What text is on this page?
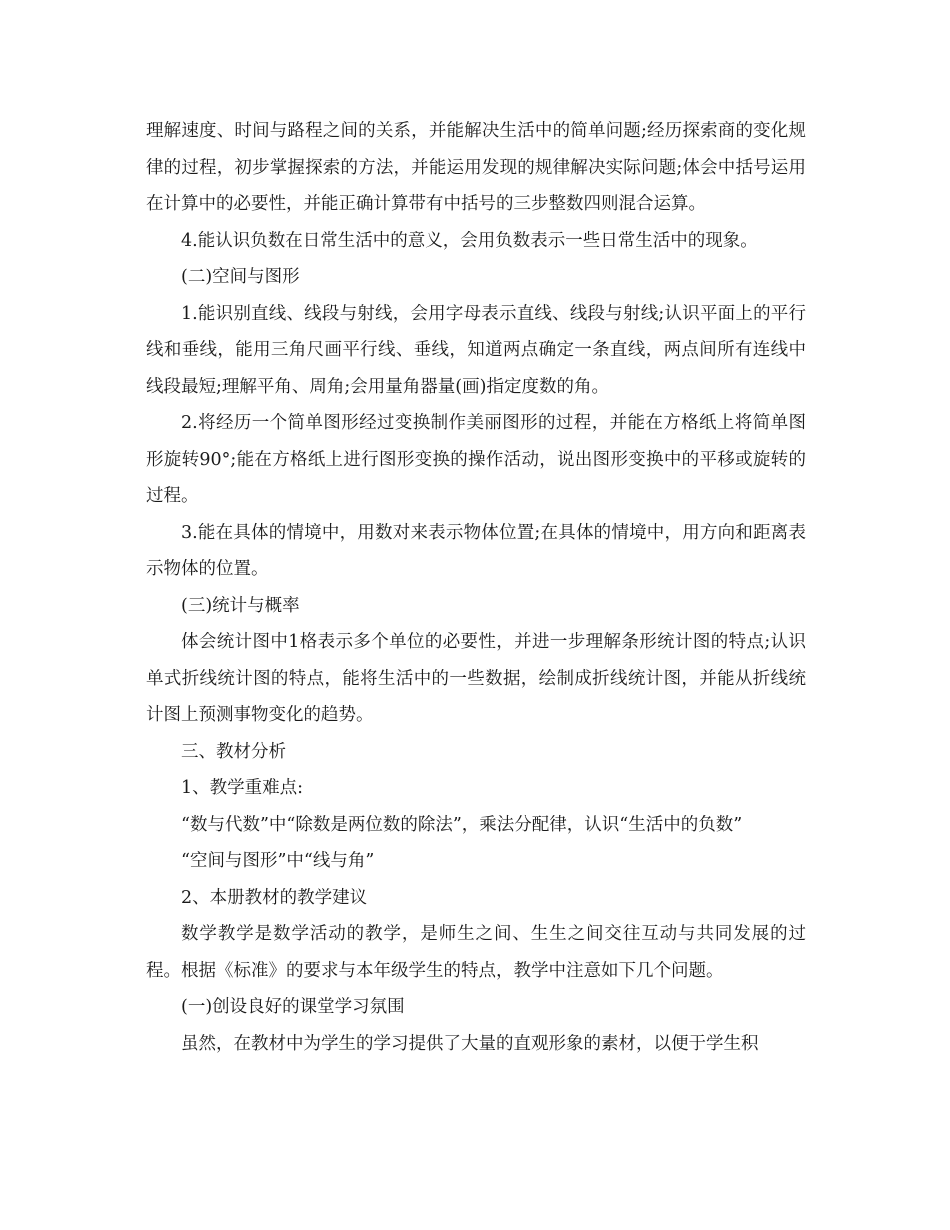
理解速度、时间与路程之间的关系，并能解决生活中的简单问题;经历探索商的变化规律的过程，初步掌握探索的方法，并能运用发现的规律解决实际问题;体会中括号运用在计算中的必要性，并能正确计算带有中括号的三步整数四则混合运算。

4.能认识负数在日常生活中的意义，会用负数表示一些日常生活中的现象。

(二)空间与图形

1.能识别直线、线段与射线，会用字母表示直线、线段与射线;认识平面上的平行线和垂线，能用三角尺画平行线、垂线，知道两点确定一条直线，两点间所有连线中线段最短;理解平角、周角;会用量角器量(画)指定度数的角。

2.将经历一个简单图形经过变换制作美丽图形的过程，并能在方格纸上将简单图形旋转90°;能在方格纸上进行图形变换的操作活动，说出图形变换中的平移或旋转的过程。

3.能在具体的情境中，用数对来表示物体位置;在具体的情境中，用方向和距离表示物体的位置。

(三)统计与概率

体会统计图中1格表示多个单位的必要性，并进一步理解条形统计图的特点;认识单式折线统计图的特点，能将生活中的一些数据，绘制成折线统计图，并能从折线统计图上预测事物变化的趋势。

三、教材分析

1、教学重难点:

“数与代数”中“除数是两位数的除法”，乘法分配律，认识“生活中的负数”

“空间与图形”中“线与角”

2、本册教材的教学建议

数学教学是数学活动的教学，是师生之间、生生之间交往互动与共同发展的过程。根据《标准》的要求与本年级学生的特点，教学中注意如下几个问题。

(一)创设良好的课堂学习氛围

虽然，在教材中为学生的学习提供了大量的直观形象的素材，以便于学生积
